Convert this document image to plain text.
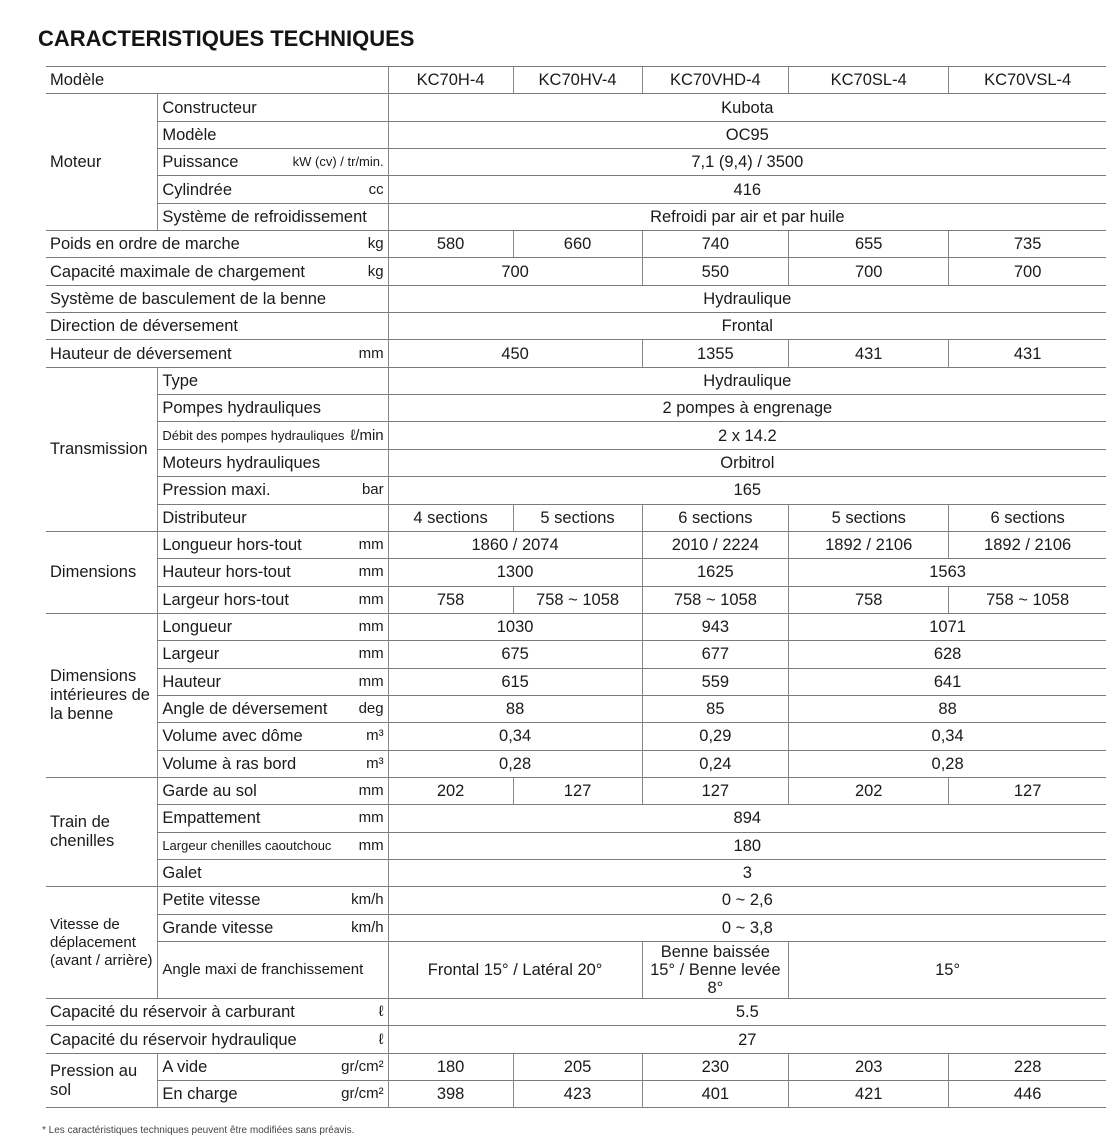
CARACTERISTIQUES TECHNIQUES
Modèle		KC70H-4	KC70HV-4	KC70VHD-4	KC70SL-4	KC70VSL-4
Moteur	Constructeur	Kubota				

	Modèle	OC95				

	Puissance kW (cv) / tr/min.	7,1 (9,4) / 3500				

	Cylindrée cc	416				

	Système de refroidissement	Refroidi par air et par huile				

Poids en ordre de marche kg		580	660	740	655	735

Capacité maximale de chargement kg		700		550	700	700
Système de basculement de la benne		Hydraulique				
Direction de déversement		Frontal				

Hauteur de déversement mm		450		1355	431	431
Transmission	Type	Hydraulique				

	Pompes hydrauliques	2 pompes à engrenage				

	Débit des pompes hydrauliques ℓ/min	2 x 14.2				

	Moteurs hydrauliques	Orbitrol				

	Pression maxi. bar	165				

	Distributeur	4 sections	5 sections	6 sections	5 sections	6 sections
Dimensions	Longueur hors-tout mm	1860 / 2074		2010 / 2224	1892 / 2106	1892 / 2106

	Hauteur hors-tout mm	1300		1625	1563	

	Largeur hors-tout mm	758	758 ~ 1058	758 ~ 1058	758	758 ~ 1058
Dimensions intérieures de la benne	Longueur mm	1030		943	1071	

	Largeur mm	675		677	628	

	Hauteur mm	615		559	641	

	Angle de déversement deg	88		85	88	

	Volume avec dôme m³	0,34		0,29	0,34	

	Volume à ras bord m³	0,28		0,24	0,28	
Train de chenilles	Garde au sol mm	202	127	127	202	127

	Empattement mm	894				

	Largeur chenilles caoutchouc mm	180				

	Galet	3				
Vitesse de déplacement (avant / arrière)	Petite vitesse km/h	0 ~ 2,6				

	Grande vitesse km/h	0 ~ 3,8				

	Angle maxi de franchissement	Frontal 15° / Latéral 20°		Benne baissée 15° / Benne levée 8°	15°	

Capacité du réservoir à carburant ℓ		5.5				

Capacité du réservoir hydraulique ℓ		27				
Pression au sol	A vide gr/cm²	180	205	230	203	228

	En charge gr/cm²	398	423	401	421	446
* Les caractéristiques techniques peuvent être modifiées sans préavis.
